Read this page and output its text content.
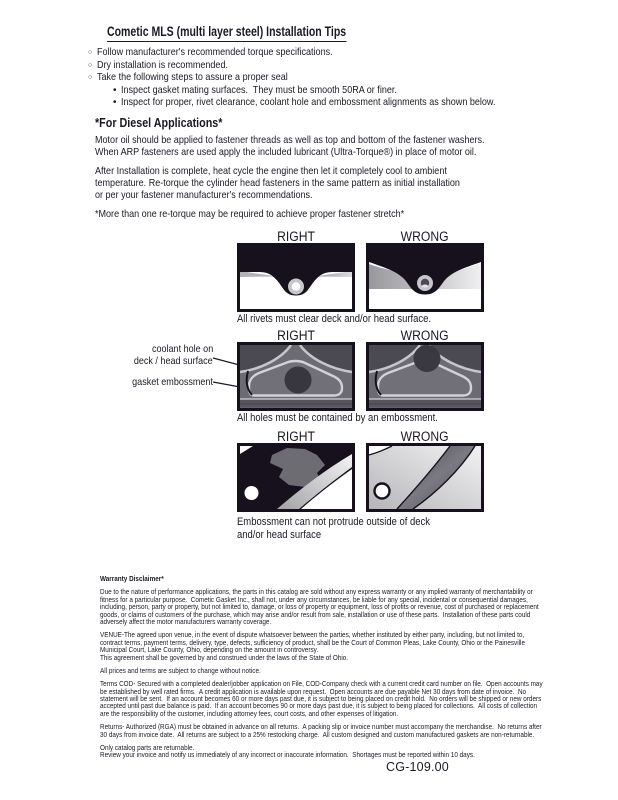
Cometic MLS (multi layer steel) Installation Tips
○ Follow manufacturer's recommended torque specifications.
○ Dry installation is recommended.
○ Take the following steps to assure a proper seal
• Inspect gasket mating surfaces.  They must be smooth 50RA or finer.
• Inspect for proper, rivet clearance, coolant hole and embossment alignments as shown below.
*For Diesel Applications*
Motor oil should be applied to fastener threads as well as top and bottom of the fastener washers.
When ARP fasteners are used apply the included lubricant (Ultra-Torque®) in place of motor oil.
After Installation is complete, heat cycle the engine then let it completely cool to ambient
temperature. Re-torque the cylinder head fasteners in the same pattern as initial installation
or per your fastener manufacturer's recommendations.
*More than one re-torque may be required to achieve proper fastener stretch*
RIGHT	WRONG
All rivets must clear deck and/or head surface.
RIGHT	WRONG
coolant hole on
deck / head surface
gasket embossment
All holes must be contained by an embossment.
RIGHT	WRONG
Embossment can not protrude outside of deck
and/or head surface
Warranty Disclaimer*
Due to the nature of performance applications, the parts in this catalog are sold without any express warranty or any implied warranty of merchantability or
fitness for a particular purpose.  Cometic Gasket Inc., shall not, under any circumstances, be liable for any special, incidental or consequential damages,
including, person, party or property, but not limited to, damage, or loss of property or equipment, loss of profits or revenue, cost of purchased or replacement
goods, or claims of customers of the purchase, which may arise and/or result from sale, installation or use of these parts.  Installation of these parts could
adversely affect the motor manufacturers warranty coverage.
VENUE-The agreed upon venue, in the event of dispute whatsoever between the parties, whether instituted by either party, including, but not limited to,
contract terms, payment terms, delivery, type, defects, sufficiency of product, shall be the Court of Common Pleas, Lake County, Ohio or the Painesville
Municipal Court, Lake County, Ohio, depending on the amount in controversy.
This agreement shall be governed by and construed under the laws of the State of Ohio.
All prices and terms are subject to change without notice.
Terms COD- Secured with a completed dealer/jobber application on File, COD-Company check with a current credit card number on file.  Open accounts may
be established by well rated firms.  A credit application is available upon request.  Open accounts are due payable Net 30 days from date of invoice.  No
statement will be sent.  If an account becomes 60 or more days past due, it is subject to being placed on credit hold.  No orders will be shipped or new orders
accepted until past due balance is paid.  If an account becomes 90 or more days past due, it is subject to being placed for collections.  All costs of collection
are the responsibility of the customer, including attorney fees, court costs, and other expenses of litigation.
Returns- Authorized (RGA) must be obtained in advance on all returns.  A packing slip or invoice number must accompany the merchandise.  No returns after
30 days from invoice date.  All returns are subject to a 25% restocking charge.  All custom designed and custom manufactured gaskets are non-returnable.
Only catalog parts are returnable.
Review your invoice and notify us immediately of any incorrect or inaccurate information.  Shortages must be reported within 10 days.
CG-109.00
